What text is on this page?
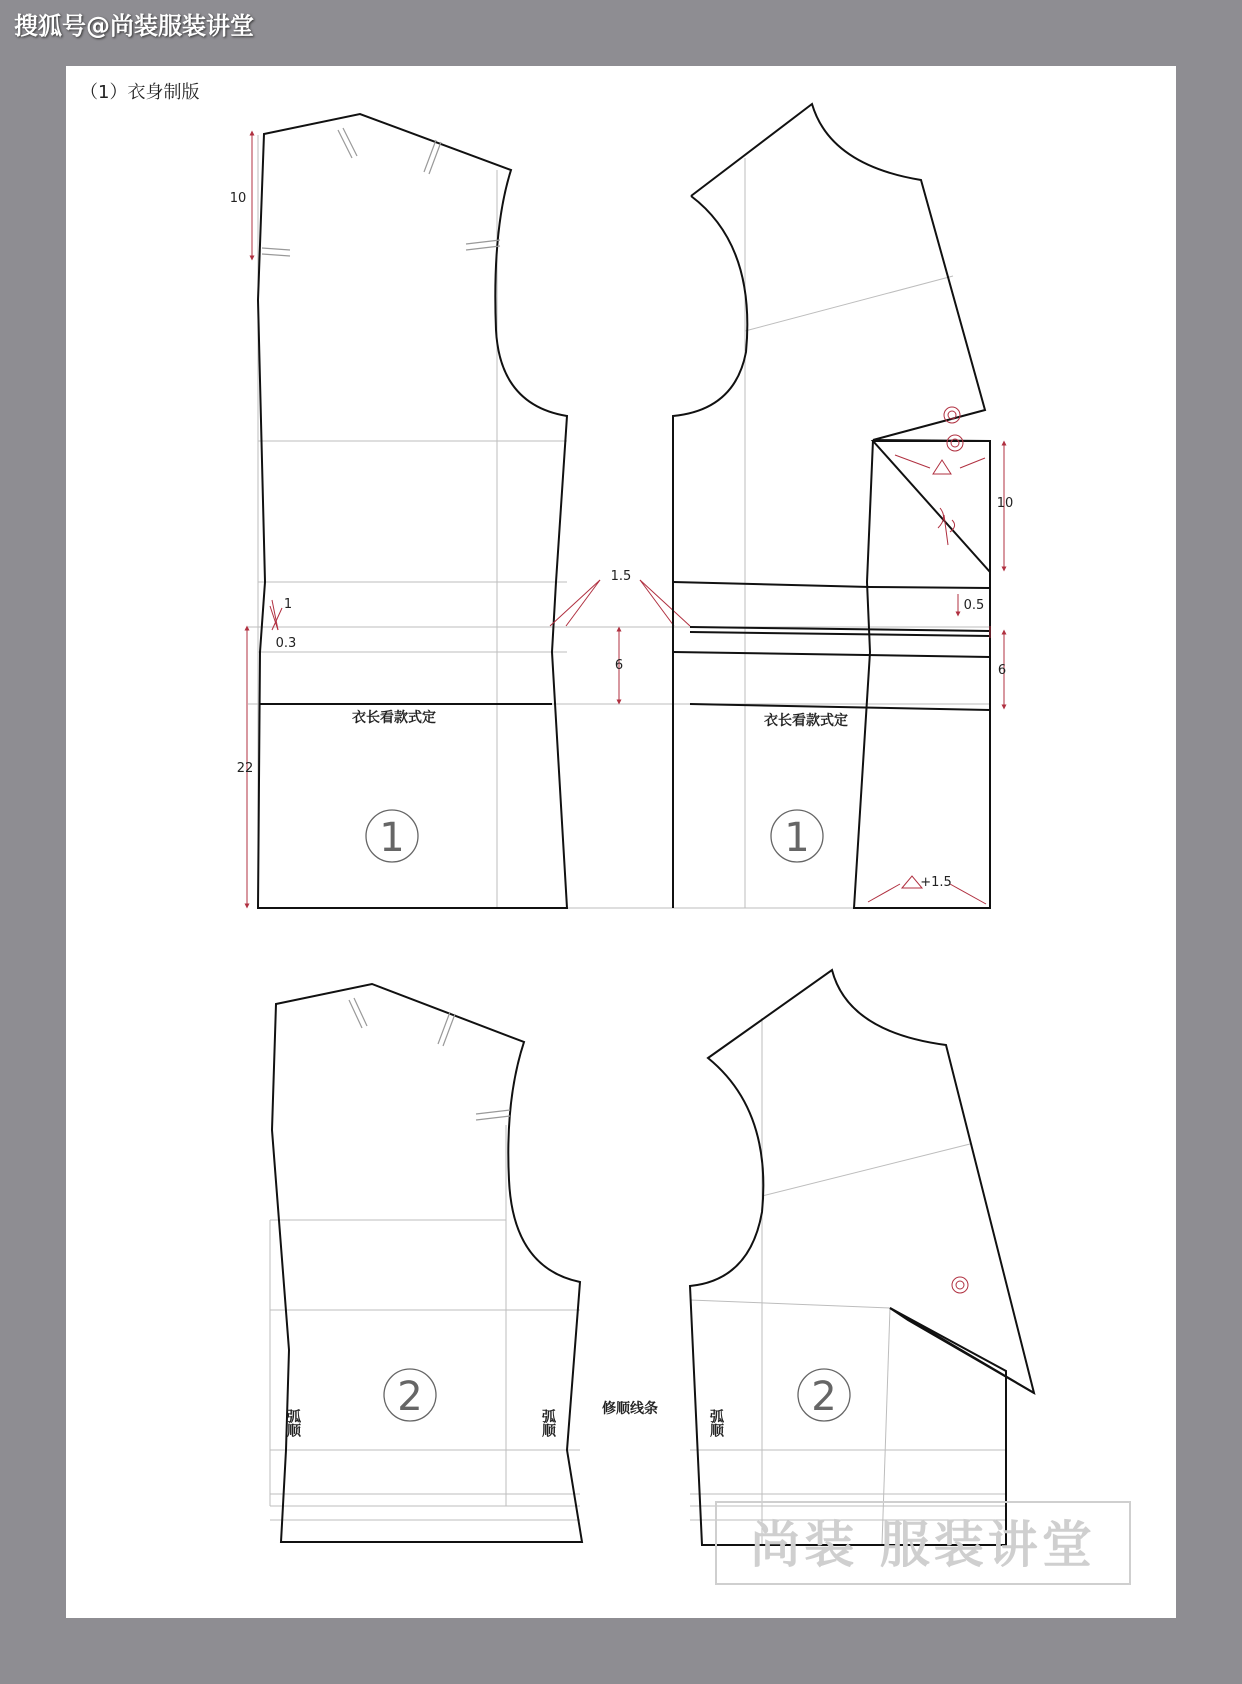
搜狐号@尚装服装讲堂
（1）衣身制版
1
衣长看款式定
10
1
0.3
22
1.5
6
1
衣长看款式定
10
0.5
6
+1.5
2
弧顺	弧顺	修顺线条	2
弧顺
尚装 服装讲堂
